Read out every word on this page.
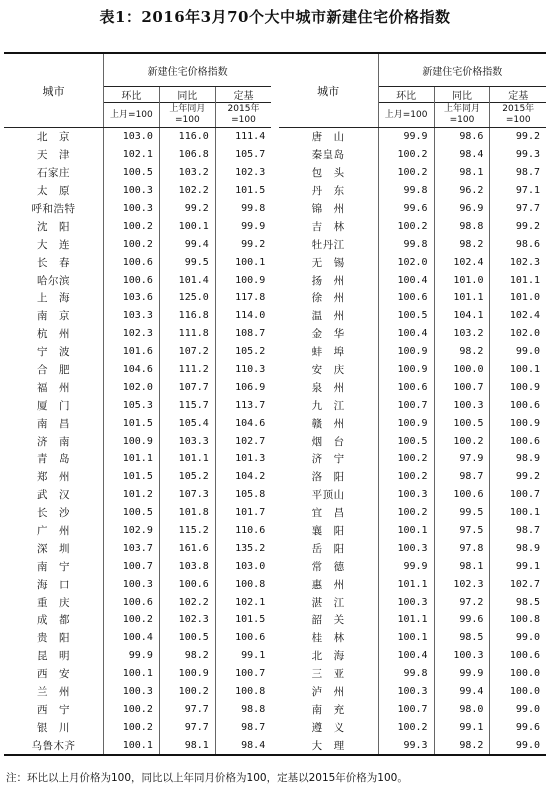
表1：2016年3月70个大中城市新建住宅价格指数
城市	新建住宅价格指数				城市	新建住宅价格指数		
	环比	同比	定基			环比	同比	定基
	上月=100	上年同月=100	2015年=100			上月=100	上年同月=100	2015年=100
北　京	103.0	116.0	111.4		唐　山	99.9	98.6	99.2
天　津	102.1	106.8	105.7		秦皇岛	100.2	98.4	99.3
石家庄	100.5	103.2	102.3		包　头	100.2	98.1	98.7
太　原	100.3	102.2	101.5		丹　东	99.8	96.2	97.1
呼和浩特	100.3	99.2	99.8		锦　州	99.6	96.9	97.7
沈　阳	100.2	100.1	99.9		吉　林	100.2	98.8	99.2
大　连	100.2	99.4	99.2		牡丹江	99.8	98.2	98.6
长　春	100.6	99.5	100.1		无　锡	102.0	102.4	102.3
哈尔滨	100.6	101.4	100.9		扬　州	100.4	101.0	101.1
上　海	103.6	125.0	117.8		徐　州	100.6	101.1	101.0
南　京	103.3	116.8	114.0		温　州	100.5	104.1	102.4
杭　州	102.3	111.8	108.7		金　华	100.4	103.2	102.0
宁　波	101.6	107.2	105.2		蚌　埠	100.9	98.2	99.0
合　肥	104.6	111.2	110.3		安　庆	100.9	100.0	100.1
福　州	102.0	107.7	106.9		泉　州	100.6	100.7	100.9
厦　门	105.3	115.7	113.7		九　江	100.7	100.3	100.6
南　昌	101.5	105.4	104.6		赣　州	100.9	100.5	100.9
济　南	100.9	103.3	102.7		烟　台	100.5	100.2	100.6
青　岛	101.1	101.1	101.3		济　宁	100.2	97.9	98.9
郑　州	101.5	105.2	104.2		洛　阳	100.2	98.7	99.2
武　汉	101.2	107.3	105.8		平顶山	100.3	100.6	100.7
长　沙	100.5	101.8	101.7		宜　昌	100.2	99.5	100.1
广　州	102.9	115.2	110.6		襄　阳	100.1	97.5	98.7
深　圳	103.7	161.6	135.2		岳　阳	100.3	97.8	98.9
南　宁	100.7	103.8	103.0		常　德	99.9	98.1	99.1
海　口	100.3	100.6	100.8		惠　州	101.1	102.3	102.7
重　庆	100.6	102.2	102.1		湛　江	100.3	97.2	98.5
成　都	100.2	102.3	101.5		韶　关	101.1	99.6	100.8
贵　阳	100.4	100.5	100.6		桂　林	100.1	98.5	99.0
昆　明	99.9	98.2	99.1		北　海	100.4	100.3	100.6
西　安	100.1	100.9	100.7		三　亚	99.8	99.9	100.0
兰　州	100.3	100.2	100.8		泸　州	100.3	99.4	100.0
西　宁	100.2	97.7	98.8		南　充	100.7	98.0	99.0
银　川	100.2	97.7	98.7		遵　义	100.2	99.1	99.6
乌鲁木齐	100.1	98.1	98.4		大　理	99.3	98.2	99.0
注：环比以上月价格为100，同比以上年同月价格为100，定基以2015年价格为100。
